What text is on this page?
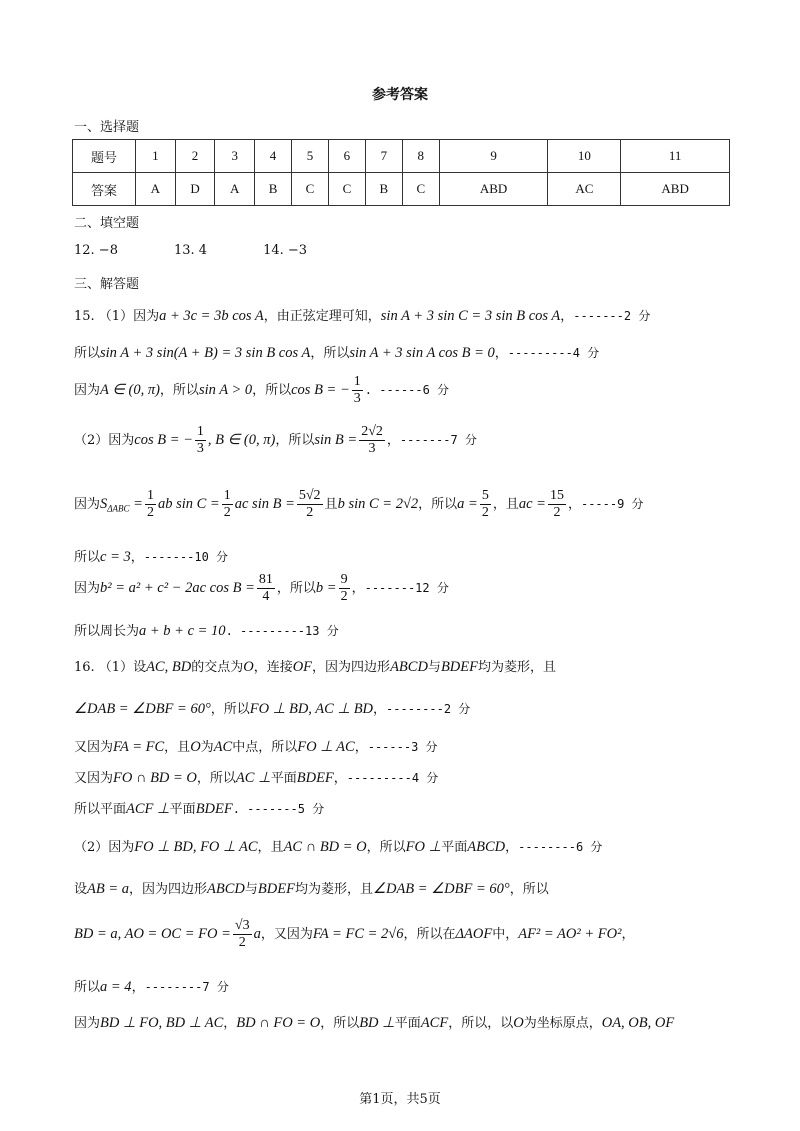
参考答案
一、选择题
题号	1	2	3	4	5	6	7	8	9	10	11
答案	A	D	A	B	C	C	B	C	ABD	AC	ABD
二、填空题
12. −8	13. 4	14. −3
三、解答题
15. （1）因为a + 3c = 3b cos A，由正弦定理可知，sin A + 3 sin C = 3 sin B cos A，-------2 分
所以sin A + 3 sin(A + B) = 3 sin B cos A，所以sin A + 3 sin A cos B = 0，---------4 分
因为A ∈ (0, π)，所以sin A > 0，所以cos B = − $\frac{1}{3}$ . ------6 分
（2）因为cos B = − $\frac{1}{3}$ , B ∈ (0, π)，所以$\sin B = \frac{2√2}{3}$ ，-------7 分
因为$S_{\Delta ABC} = \frac{1}{2}$ ab $\sin C = \frac{1}{2}$ ac $\sin B = \frac{5√2}{2}$ 且b sin C = 2√2，所以$a = \frac{5}{2}$ ，且ac = $\frac{15}{2}$ ，-----9 分
所以c = 3，-------10 分
因为b² = a² + c² − 2ac $\cos B = \frac{81}{4}$ ，所以$b = \frac{9}{2}$ ，-------12 分
所以周长为a + b + c = 10. ---------13 分
16. （1）设AC, BD的交点为O，连接OF，因为四边形ABCD与BDEF均为菱形，且
∠DAB = ∠DBF = 60°，所以FO ⊥ BD, AC ⊥ BD，--------2 分
又因为FA = FC，且O为AC中点，所以FO ⊥ AC，------3 分
又因为FO ∩ BD = O，所以AC ⊥平面BDEF，---------4 分
所以平面ACF ⊥平面BDEF. -------5 分
（2）因为FO ⊥ BD, FO ⊥ AC，且AC ∩ BD = O，所以FO ⊥平面ABCD，--------6 分
设AB = a，因为四边形ABCD与BDEF均为菱形，且∠DAB = ∠DBF = 60°，所以
BD = a, AO = OC = FO = $\frac{√3}{2}$ a，又因为FA = FC = 2√6，所以在ΔAOF中，AF² = AO² + FO²，
所以a = 4，--------7 分
因为BD ⊥ FO, BD ⊥ AC，BD ∩ FO = O，所以BD ⊥平面ACF，所以，以O为坐标原点，OA, OB, OF
第1页，共5页
